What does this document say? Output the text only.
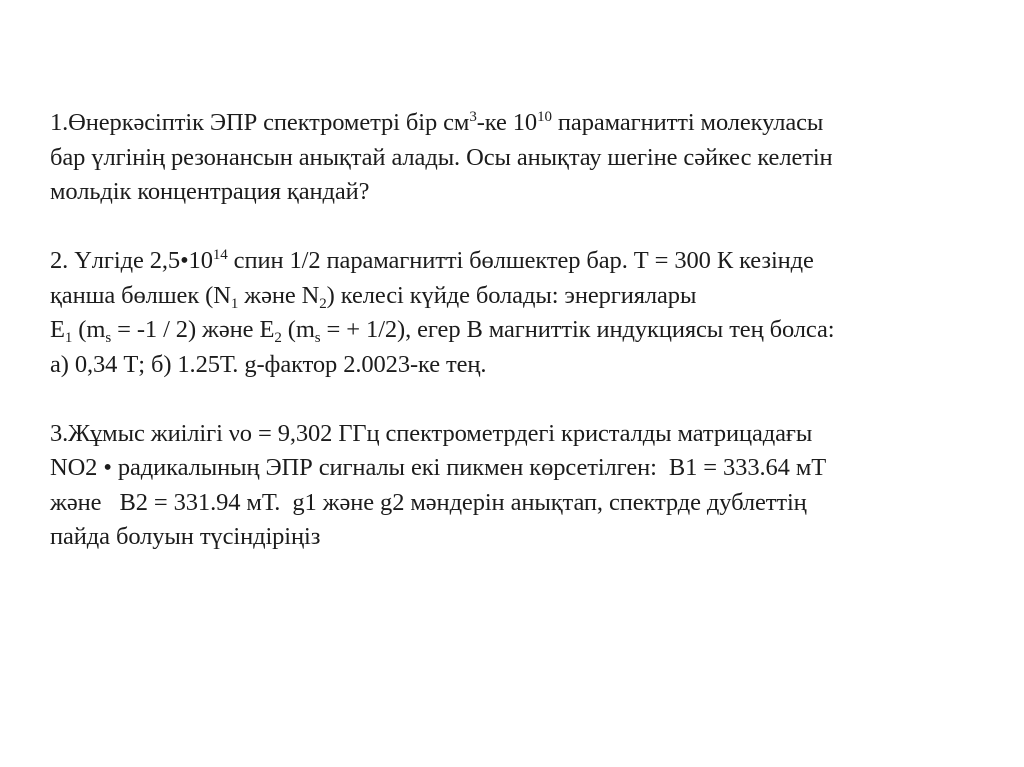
1.Өнеркәсіптік ЭПР спектрометрі бір $см^3-ке$ $10^{10}$ парамагнитті молекуласы
бар үлгінің резонансын анықтай алады. Осы анықтау шегіне сәйкес келетін
мольдік концентрация қандай?
2. Үлгіде $2,5•10^{14}$ спин 1/2 парамагнитті бөлшектер бар. Т = 300 К кезінде
қанша бөлшек ($N_1$ және $N_2$) келесі күйде болады: энергиялары
$E_1$ $(m_s = -1 / 2)$ және $E_2$ ($m_s$ = + 1/2), егер В магниттік индукциясы тең болса:
а) 0,34 Т; б) 1.25Т. g-фактор 2.0023-ке тең.
3.Жұмыс жиілігі νо = 9,302 ГГц спектрометрдегі кристалды матрицадағы
NO2 • радикалының ЭПР сигналы екі пикмен көрсетілген:  В1 = 333.64 мТ
және   В2 = 331.94 мТ.  g1 және g2 мәндерін анықтап, спектрде дублеттің
пайда болуын түсіндіріңіз
